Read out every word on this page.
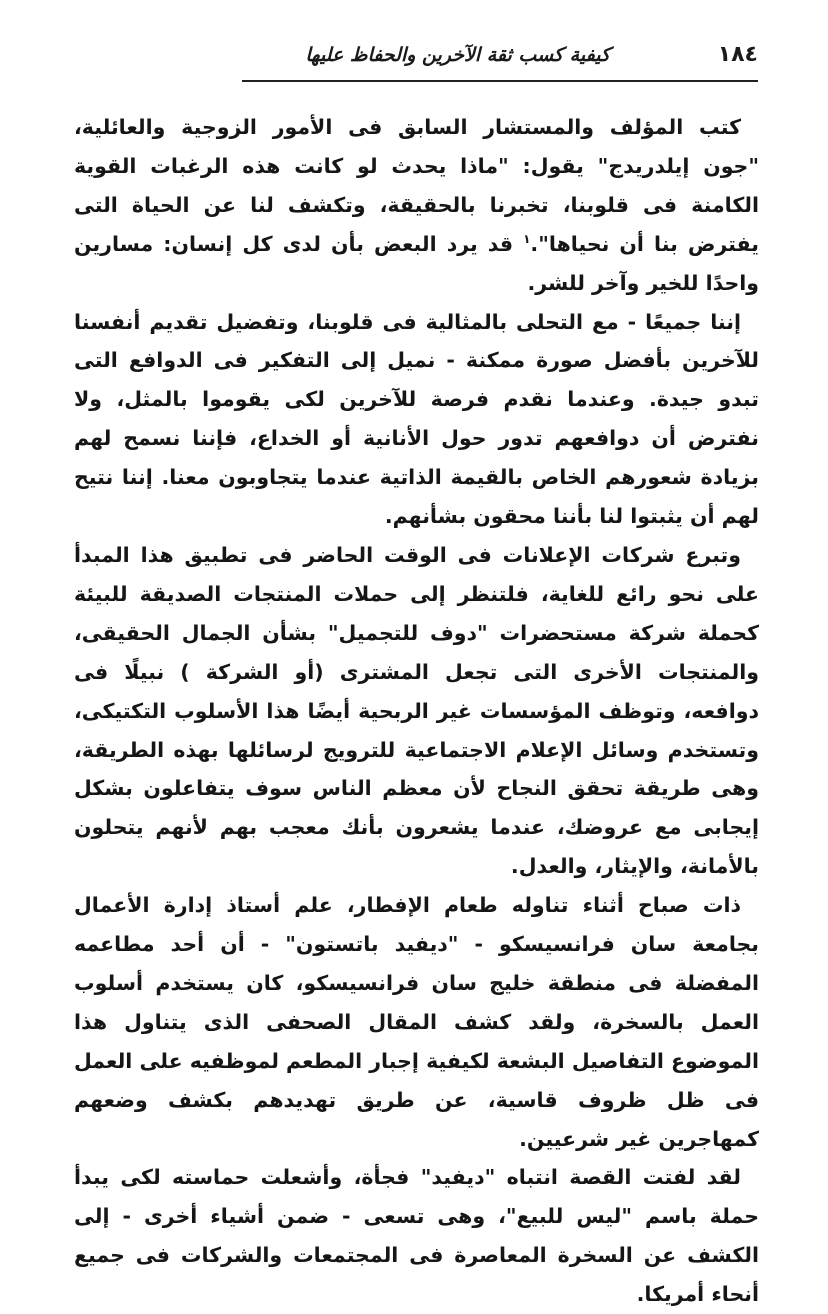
١٨٤
كيفية كسب ثقة الآخرين والحفاظ عليها

كتب المؤلف والمستشار السابق فى الأمور الزوجية والعائلية، "جون إيلدريدج" يقول: "ماذا يحدث لو كانت هذه الرغبات القوية الكامنة فى قلوبنا، تخبرنا بالحقيقة، وتكشف لنا عن الحياة التى يفترض بنا أن نحياها".$^١$ قد يرد البعض بأن لدى كل إنسان: مسارين واحدًا للخير وآخر للشر.

إننا جميعًا - مع التحلى بالمثالية فى قلوبنا، وتفضيل تقديم أنفسنا للآخرين بأفضل صورة ممكنة - نميل إلى التفكير فى الدوافع التى تبدو جيدة. وعندما نقدم فرصة للآخرين لكى يقوموا بالمثل، ولا نفترض أن دوافعهم تدور حول الأنانية أو الخداع، فإننا نسمح لهم بزيادة شعورهم الخاص بالقيمة الذاتية عندما يتجاوبون معنا. إننا نتيح لهم أن يثبتوا لنا بأننا محقون بشأنهم.

وتبرع شركات الإعلانات فى الوقت الحاضر فى تطبيق هذا المبدأ على نحو رائع للغاية، فلتنظر إلى حملات المنتجات الصديقة للبيئة كحملة شركة مستحضرات "دوف للتجميل" بشأن الجمال الحقيقى، والمنتجات الأخرى التى تجعل المشترى (أو الشركة ) نبيلًا فى دوافعه، وتوظف المؤسسات غير الربحية أيضًا هذا الأسلوب التكتيكى، وتستخدم وسائل الإعلام الاجتماعية للترويج لرسائلها بهذه الطريقة، وهى طريقة تحقق النجاح لأن معظم الناس سوف يتفاعلون بشكل إيجابى مع عروضك، عندما يشعرون بأنك معجب بهم لأنهم يتحلون بالأمانة، والإيثار، والعدل.

ذات صباح أثناء تناوله طعام الإفطار، علم أستاذ إدارة الأعمال بجامعة سان فرانسيسكو - "ديفيد باتستون" - أن أحد مطاعمه المفضلة فى منطقة خليج سان فرانسيسكو، كان يستخدم أسلوب العمل بالسخرة، ولقد كشف المقال الصحفى الذى يتناول هذا الموضوع التفاصيل البشعة لكيفية إجبار المطعم لموظفيه على العمل فى ظل ظروف قاسية، عن طريق تهديدهم بكشف وضعهم كمهاجرين غير شرعيين.

لقد لفتت القصة انتباه "ديفيد" فجأة، وأشعلت حماسته لكى يبدأ حملة باسم "ليس للبيع"، وهى تسعى - ضمن أشياء أخرى - إلى الكشف عن السخرة المعاصرة فى المجتمعات والشركات فى جميع أنحاء أمريكا.
